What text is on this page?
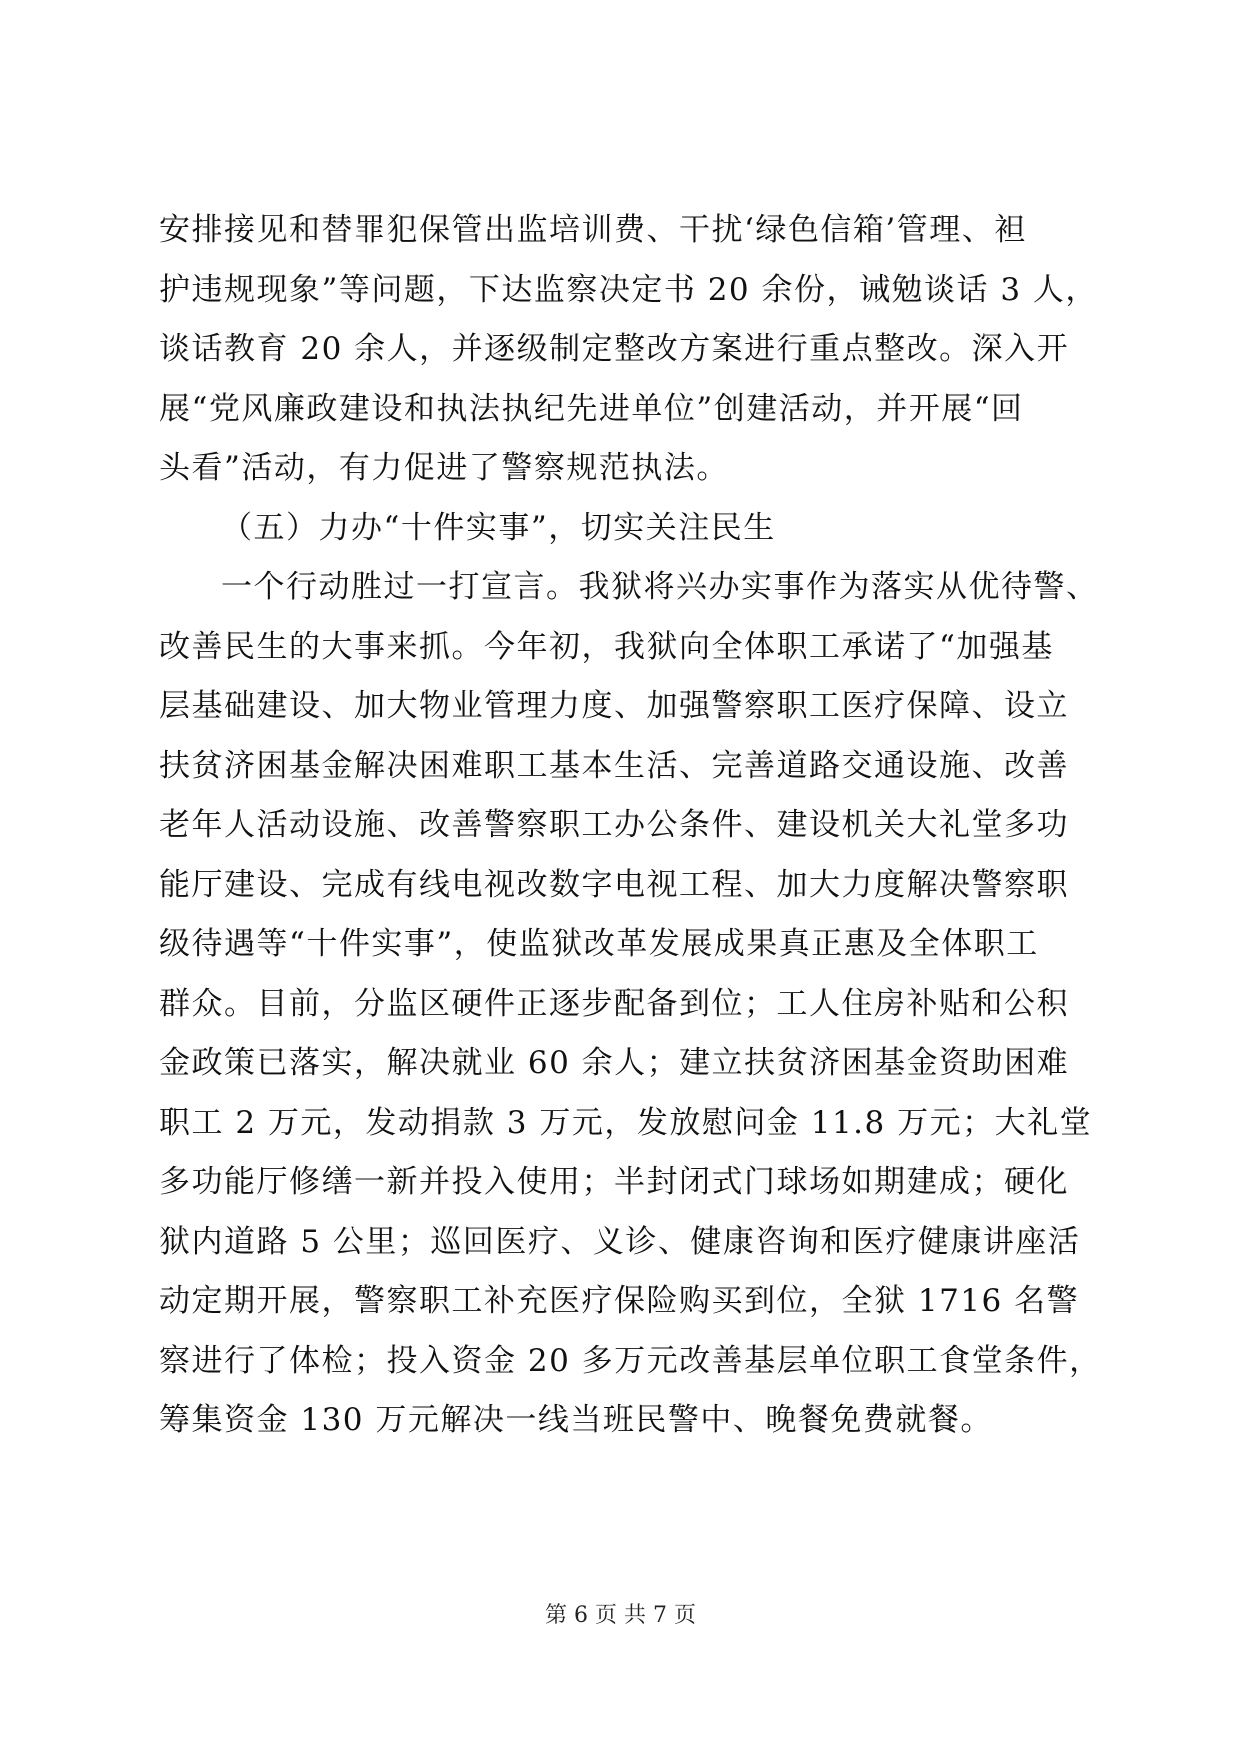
安排接见和替罪犯保管出监培训费、干扰‘绿色信箱’管理、袒
护违规现象”等问题，下达监察决定书 20 余份，诫勉谈话 3 人，
谈话教育 20 余人，并逐级制定整改方案进行重点整改。深入开
展“党风廉政建设和执法执纪先进单位”创建活动，并开展“回
头看”活动，有力促进了警察规范执法。
（五）力办“十件实事”，切实关注民生
一个行动胜过一打宣言。我狱将兴办实事作为落实从优待警、
改善民生的大事来抓。今年初，我狱向全体职工承诺了“加强基
层基础建设、加大物业管理力度、加强警察职工医疗保障、设立
扶贫济困基金解决困难职工基本生活、完善道路交通设施、改善
老年人活动设施、改善警察职工办公条件、建设机关大礼堂多功
能厅建设、完成有线电视改数字电视工程、加大力度解决警察职
级待遇等“十件实事”，使监狱改革发展成果真正惠及全体职工
群众。目前，分监区硬件正逐步配备到位；工人住房补贴和公积
金政策已落实，解决就业 60 余人；建立扶贫济困基金资助困难
职工 2 万元，发动捐款 3 万元，发放慰问金 11.8 万元；大礼堂
多功能厅修缮一新并投入使用；半封闭式门球场如期建成；硬化
狱内道路 5 公里；巡回医疗、义诊、健康咨询和医疗健康讲座活
动定期开展，警察职工补充医疗保险购买到位，全狱 1716 名警
察进行了体检；投入资金 20 多万元改善基层单位职工食堂条件，
筹集资金 130 万元解决一线当班民警中、晚餐免费就餐。
第 6 页 共 7 页
